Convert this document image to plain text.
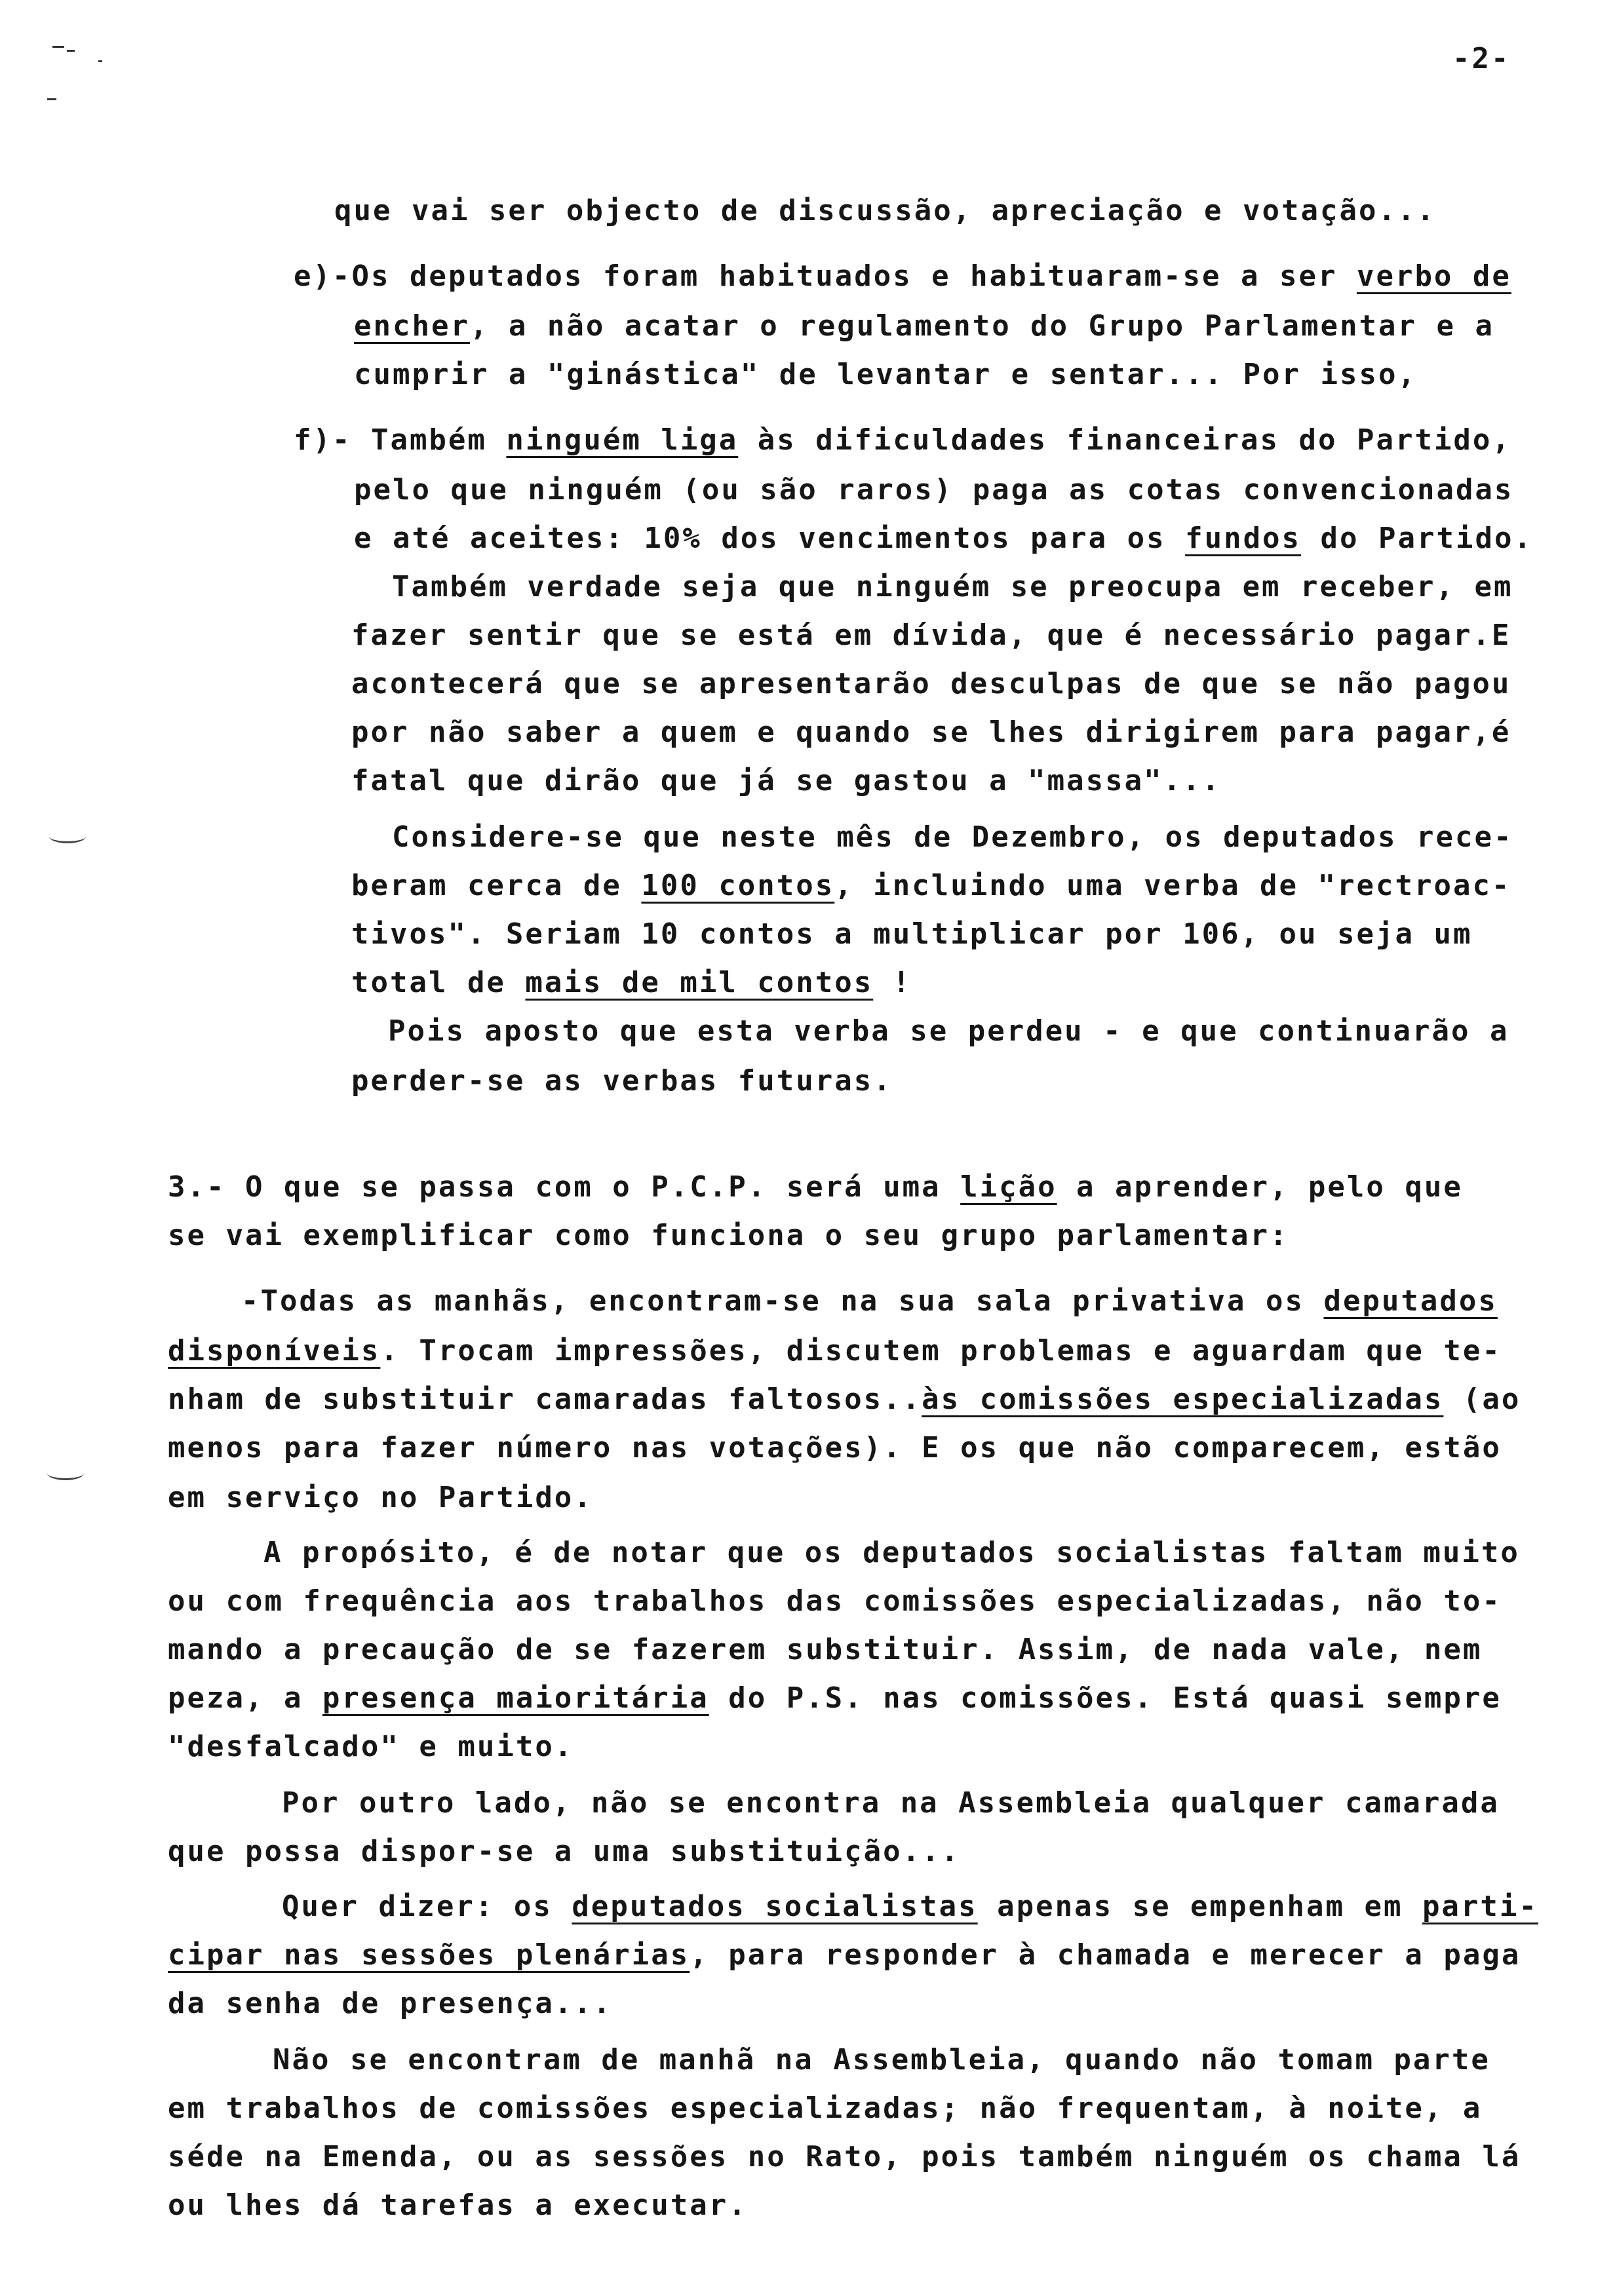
-2-
que vai ser objecto de discussão, apreciação e votação...
e)-Os deputados foram habituados e habituaram-se a ser verbo de
encher, a não acatar o regulamento do Grupo Parlamentar e a
cumprir a "ginástica" de levantar e sentar... Por isso,
f)- Também ninguém liga às dificuldades financeiras do Partido,
pelo que ninguém (ou são raros) paga as cotas convencionadas
e até aceites: 10% dos vencimentos para os fundos do Partido.
Também verdade seja que ninguém se preocupa em receber, em
fazer sentir que se está em dívida, que é necessário pagar.E
acontecerá que se apresentarão desculpas de que se não pagou
por não saber a quem e quando se lhes dirigirem para pagar,é
fatal que dirão que já se gastou a "massa"...
Considere-se que neste mês de Dezembro, os deputados rece-
beram cerca de 100 contos, incluindo uma verba de "rectroac-
tivos". Seriam 10 contos a multiplicar por 106, ou seja um
total de mais de mil contos !
Pois aposto que esta verba se perdeu - e que continuarão a
perder-se as verbas futuras.
3.- O que se passa com o P.C.P. será uma lição a aprender, pelo que
se vai exemplificar como funciona o seu grupo parlamentar:
-Todas as manhãs, encontram-se na sua sala privativa os deputados
disponíveis. Trocam impressões, discutem problemas e aguardam que te-
nham de substituir camaradas faltosos..às comissões especializadas (ao
menos para fazer número nas votações). E os que não comparecem, estão
em serviço no Partido.
A propósito, é de notar que os deputados socialistas faltam muito
ou com frequência aos trabalhos das comissões especializadas, não to-
mando a precaução de se fazerem substituir. Assim, de nada vale, nem
peza, a presença maioritária do P.S. nas comissões. Está quasi sempre
"desfalcado" e muito.
Por outro lado, não se encontra na Assembleia qualquer camarada
que possa dispor-se a uma substituição...
Quer dizer: os deputados socialistas apenas se empenham em parti-
cipar nas sessões plenárias, para responder à chamada e merecer a paga
da senha de presença...
Não se encontram de manhã na Assembleia, quando não tomam parte
em trabalhos de comissões especializadas; não frequentam, à noite, a
séde na Emenda, ou as sessões no Rato, pois também ninguém os chama lá
ou lhes dá tarefas a executar.
